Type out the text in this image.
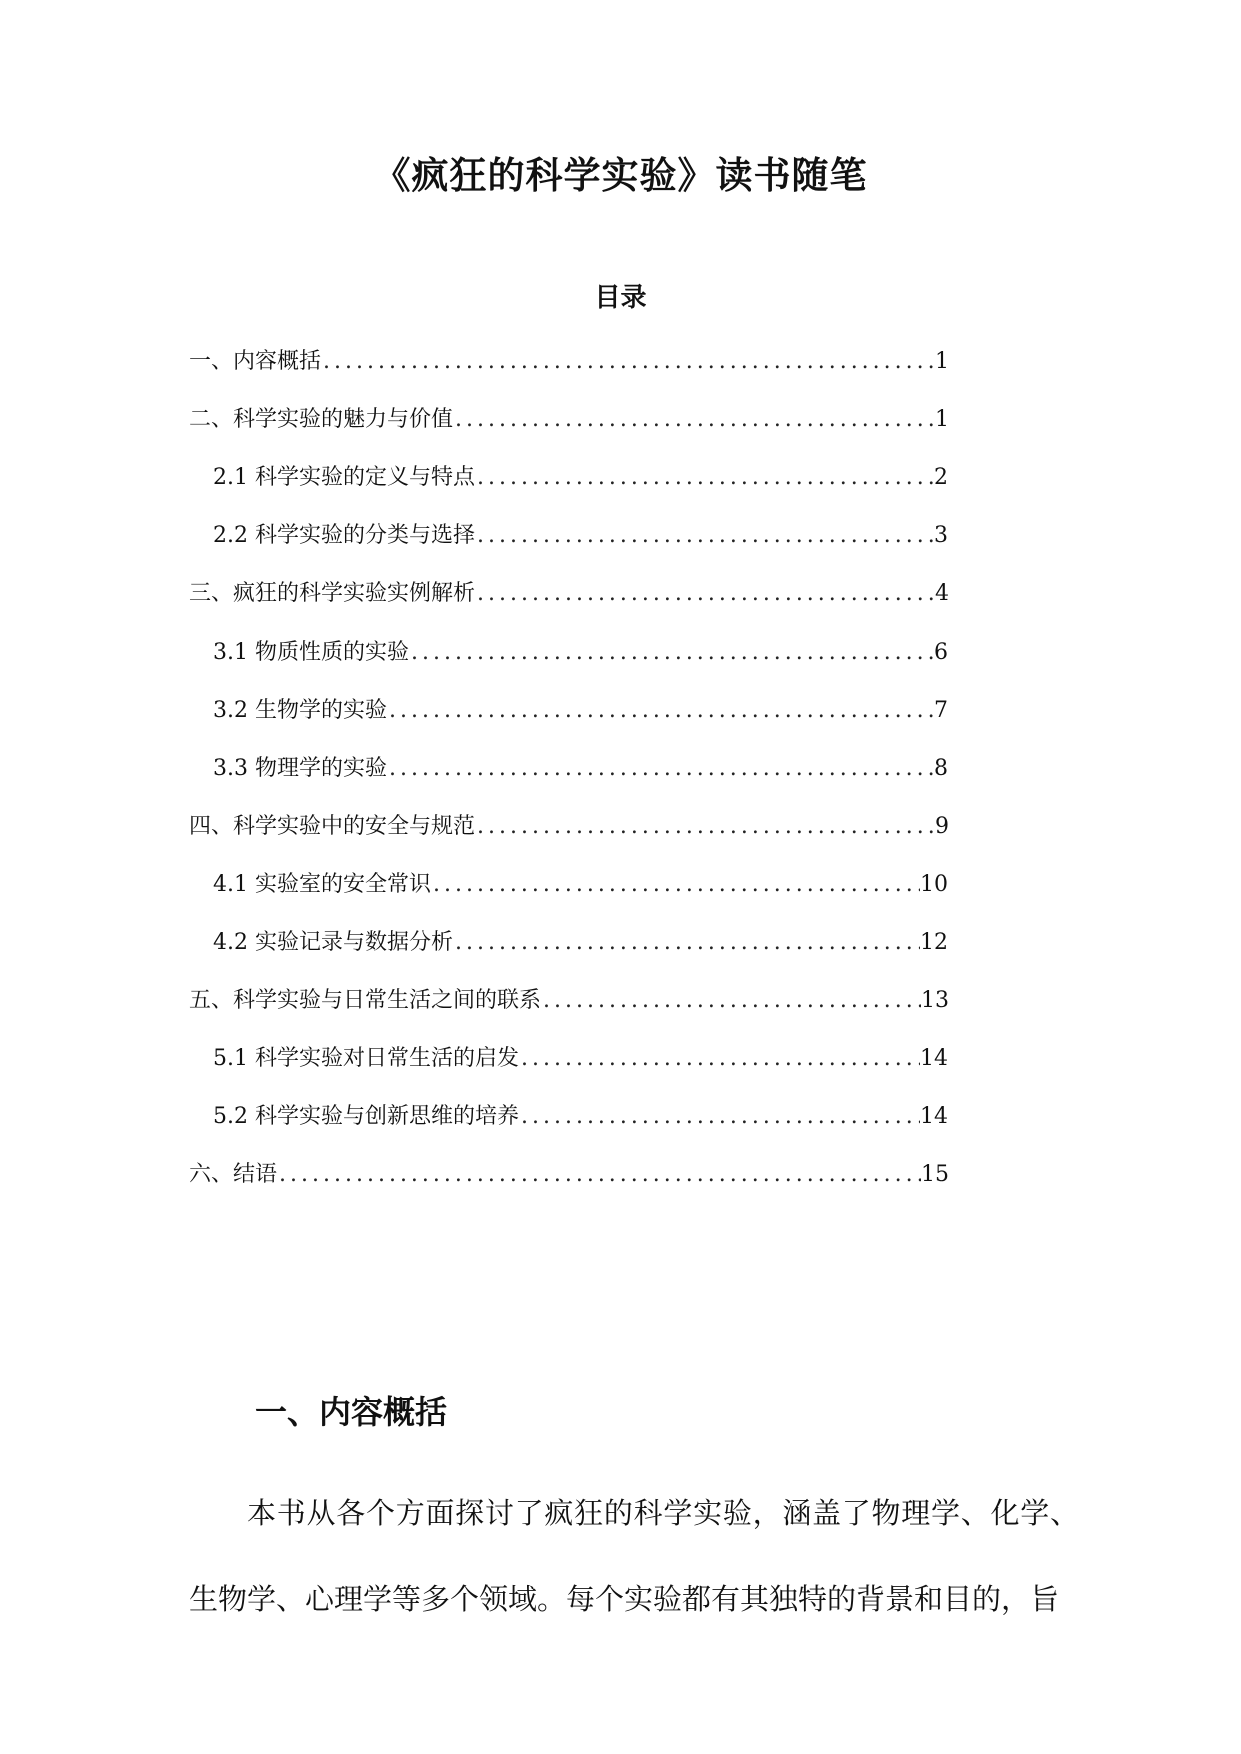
《疯狂的科学实验》读书随笔
目录
一、内容概括 .....	1
二、科学实验的魅力与价值 .....	1
2.1 科学实验的定义与特点 .....	2
2.2 科学实验的分类与选择 .....	3
三、疯狂的科学实验实例解析 .....	4
3.1 物质性质的实验 .....	6
3.2 生物学的实验 .....	7
3.3 物理学的实验 .....	8
四、科学实验中的安全与规范 .....	9
4.1 实验室的安全常识 .....	10
4.2 实验记录与数据分析 .....	12
五、科学实验与日常生活之间的联系 .....	13
5.1 科学实验对日常生活的启发 .....	14
5.2 科学实验与创新思维的培养 .....	14
六、结语 .....	15
一、内容概括
本书从各个方面探讨了疯狂的科学实验，涵盖了物理学、化学、生物学、心理学等多个领域。每个实验都有其独特的背景和目的，旨
